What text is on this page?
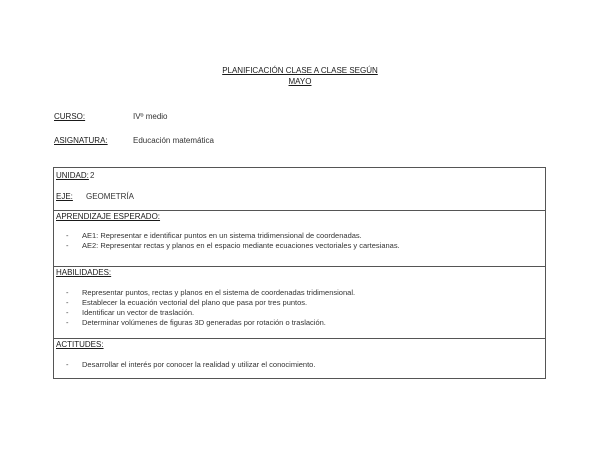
PLANIFICACIÓN CLASE A CLASE SEGÚN
MAYO
CURSO:	IVº medio
ASIGNATURA:	Educación matemática
UNIDAD: 2
EJE: GEOMETRÍA
APRENDIZAJE ESPERADO:
- AE1: Representar e identificar puntos en un sistema tridimensional de coordenadas.
- AE2: Representar rectas y planos en el espacio mediante ecuaciones vectoriales y cartesianas.
HABILIDADES:
- Representar puntos, rectas y planos en el sistema de coordenadas tridimensional.
- Establecer la ecuación vectorial del plano que pasa por tres puntos.
- Identificar un vector de traslación.
- Determinar volúmenes de figuras 3D generadas por rotación o traslación.
ACTITUDES:
- Desarrollar el interés por conocer la realidad y utilizar el conocimiento.
